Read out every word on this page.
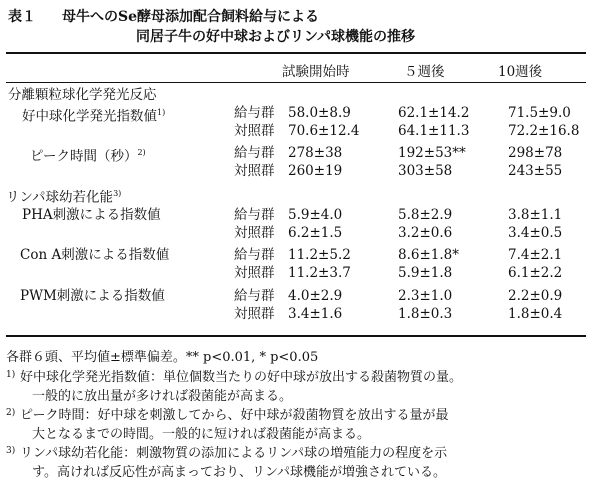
表１ 母牛へのSe酵母添加配合飼料給与による
同居子牛の好中球およびリンパ球機能の推移
試験開始時	５週後	10週後
分離顆粒球化学発光反応
リンパ球幼若化能$^{3)}$
好中球化学発光指数値$^{1)}$	給与群 58.0±8.9	62.1±14.2	71.5±9.0
対照群 70.6±12.4	64.1±11.3	72.2±16.8
ピーク時間（秒）$^{2)}$	給与群 278±38	192±53**	298±78
対照群 260±19	303±58	243±55
PHA刺激による指数値	給与群 5.9±4.0	5.8±2.9	3.8±1.1
対照群 6.2±1.5	3.2±0.6	3.4±0.5
Con A刺激による指数値	給与群 11.2±5.2	8.6±1.8*	7.4±2.1
対照群 11.2±3.7	5.9±1.8	6.1±2.2
PWM刺激による指数値	給与群 4.0±2.9	2.3±1.0	2.2±0.9
対照群 3.4±1.6	1.8±0.3	1.8±0.4
各群６頭、平均値±標準偏差。** p<0.01, * p<0.05
1) 好中球化学発光指数値：単位個数当たりの好中球が放出する殺菌物質の量。
一般的に放出量が多ければ殺菌能が高まる。
2) ピーク時間：好中球を刺激してから、好中球が殺菌物質を放出する量が最
大となるまでの時間。一般的に短ければ殺菌能が高まる。
3) リンパ球幼若化能：刺激物質の添加によるリンパ球の増殖能力の程度を示
す。高ければ反応性が高まっており、リンパ球機能が増強されている。
